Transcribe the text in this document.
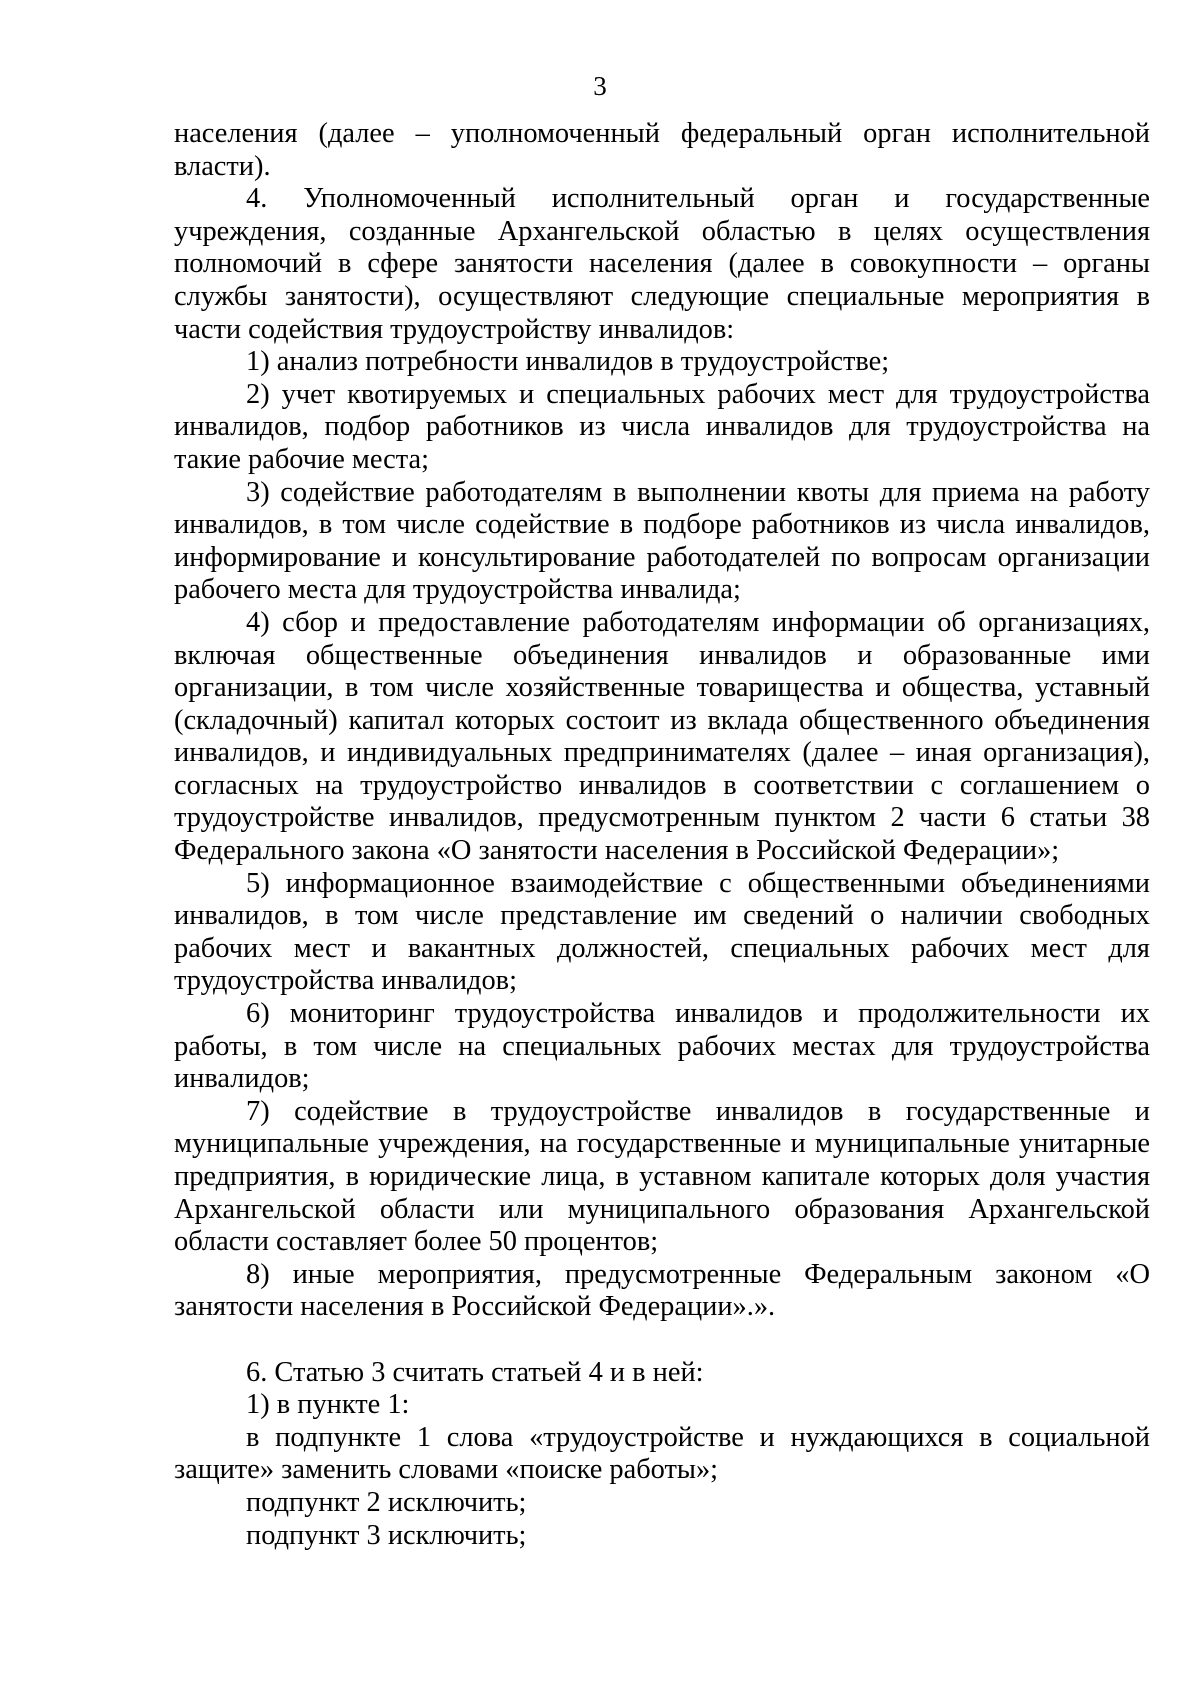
3

населения (далее – уполномоченный федеральный орган исполнительной власти).

4. Уполномоченный исполнительный орган и государственные учреждения, созданные Архангельской областью в целях осуществления полномочий в сфере занятости населения (далее в совокупности – органы службы занятости), осуществляют следующие специальные мероприятия в части содействия трудоустройству инвалидов:

1) анализ потребности инвалидов в трудоустройстве;

2) учет квотируемых и специальных рабочих мест для трудоустройства инвалидов, подбор работников из числа инвалидов для трудоустройства на такие рабочие места;

3) содействие работодателям в выполнении квоты для приема на работу инвалидов, в том числе содействие в подборе работников из числа инвалидов, информирование и консультирование работодателей по вопросам организации рабочего места для трудоустройства инвалида;

4) сбор и предоставление работодателям информации об организациях, включая общественные объединения инвалидов и образованные ими организации, в том числе хозяйственные товарищества и общества, уставный (складочный) капитал которых состоит из вклада общественного объединения инвалидов, и индивидуальных предпринимателях (далее – иная организация), согласных на трудоустройство инвалидов в соответствии с соглашением о трудоустройстве инвалидов, предусмотренным пунктом 2 части 6 статьи 38 Федерального закона «О занятости населения в Российской Федерации»;

5) информационное взаимодействие с общественными объединениями инвалидов, в том числе представление им сведений о наличии свободных рабочих мест и вакантных должностей, специальных рабочих мест для трудоустройства инвалидов;

6) мониторинг трудоустройства инвалидов и продолжительности их работы, в том числе на специальных рабочих местах для трудоустройства инвалидов;

7) содействие в трудоустройстве инвалидов в государственные и муниципальные учреждения, на государственные и муниципальные унитарные предприятия, в юридические лица, в уставном капитале которых доля участия Архангельской области или муниципального образования Архангельской области составляет более 50 процентов;

8) иные мероприятия, предусмотренные Федеральным законом «О занятости населения в Российской Федерации».».

6. Статью 3 считать статьей 4 и в ней:

1) в пункте 1:

в подпункте 1 слова «трудоустройстве и нуждающихся в социальной защите» заменить словами «поиске работы»;

подпункт 2 исключить;

подпункт 3 исключить;
